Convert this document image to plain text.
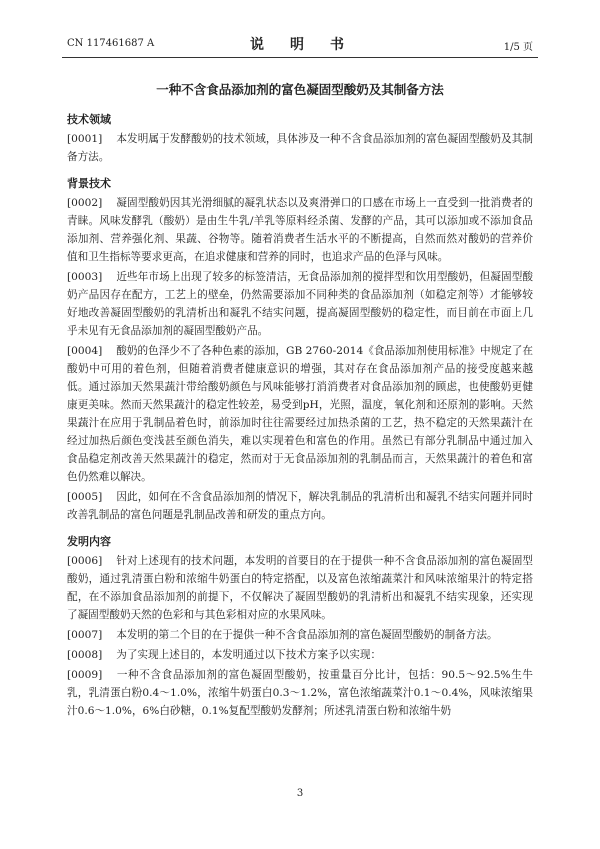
CN 117461687 A	说　明　书	1/5 页
一种不含食品添加剂的富色凝固型酸奶及其制备方法
技术领域
[0001] 本发明属于发酵酸奶的技术领域，具体涉及一种不含食品添加剂的富色凝固型酸奶及其制备方法。
背景技术
[0002] 凝固型酸奶因其光滑细腻的凝乳状态以及爽滑弹口的口感在市场上一直受到一批消费者的青睐。风味发酵乳（酸奶）是由生牛乳/羊乳等原料经杀菌、发酵的产品，其可以添加或不添加食品添加剂、营养强化剂、果蔬、谷物等。随着消费者生活水平的不断提高，自然而然对酸奶的营养价值和卫生指标等要求更高，在追求健康和营养的同时，也追求产品的色泽与风味。
[0003] 近些年市场上出现了较多的标签清洁，无食品添加剂的搅拌型和饮用型酸奶，但凝固型酸奶产品因存在配方，工艺上的壁垒，仍然需要添加不同种类的食品添加剂（如稳定剂等）才能够较好地改善凝固型酸奶的乳清析出和凝乳不结实问题，提高凝固型酸奶的稳定性，而目前在市面上几乎未见有无食品添加剂的凝固型酸奶产品。
[0004] 酸奶的色泽少不了各种色素的添加，GB 2760-2014《食品添加剂使用标准》中规定了在酸奶中可用的着色剂，但随着消费者健康意识的增强，其对存在食品添加剂产品的接受度越来越低。通过添加天然果蔬汁带给酸奶颜色与风味能够打消消费者对食品添加剂的顾虑，也使酸奶更健康更美味。然而天然果蔬汁的稳定性较差，易受到pH，光照，温度，氧化剂和还原剂的影响。天然果蔬汁在应用于乳制品着色时，前添加时往往需要经过加热杀菌的工艺，热不稳定的天然果蔬汁在经过加热后颜色变浅甚至颜色消失，难以实现着色和富色的作用。虽然已有部分乳制品中通过加入食品稳定剂改善天然果蔬汁的稳定，然而对于无食品添加剂的乳制品而言，天然果蔬汁的着色和富色仍然难以解决。
[0005] 因此，如何在不含食品添加剂的情况下，解决乳制品的乳清析出和凝乳不结实问题并同时改善乳制品的富色问题是乳制品改善和研发的重点方向。
发明内容
[0006] 针对上述现有的技术问题，本发明的首要目的在于提供一种不含食品添加剂的富色凝固型酸奶，通过乳清蛋白粉和浓缩牛奶蛋白的特定搭配，以及富色浓缩蔬菜汁和风味浓缩果汁的特定搭配，在不添加食品添加剂的前提下，不仅解决了凝固型酸奶的乳清析出和凝乳不结实现象，还实现了凝固型酸奶天然的色彩和与其色彩相对应的水果风味。
[0007] 本发明的第二个目的在于提供一种不含食品添加剂的富色凝固型酸奶的制备方法。
[0008] 为了实现上述目的，本发明通过以下技术方案予以实现：
[0009] 一种不含食品添加剂的富色凝固型酸奶，按重量百分比计，包括：90.5～92.5%生牛乳，乳清蛋白粉0.4～1.0%，浓缩牛奶蛋白0.3～1.2%，富色浓缩蔬菜汁0.1～0.4%，风味浓缩果汁0.6～1.0%，6%白砂糖，0.1%复配型酸奶发酵剂；所述乳清蛋白粉和浓缩牛奶
3
